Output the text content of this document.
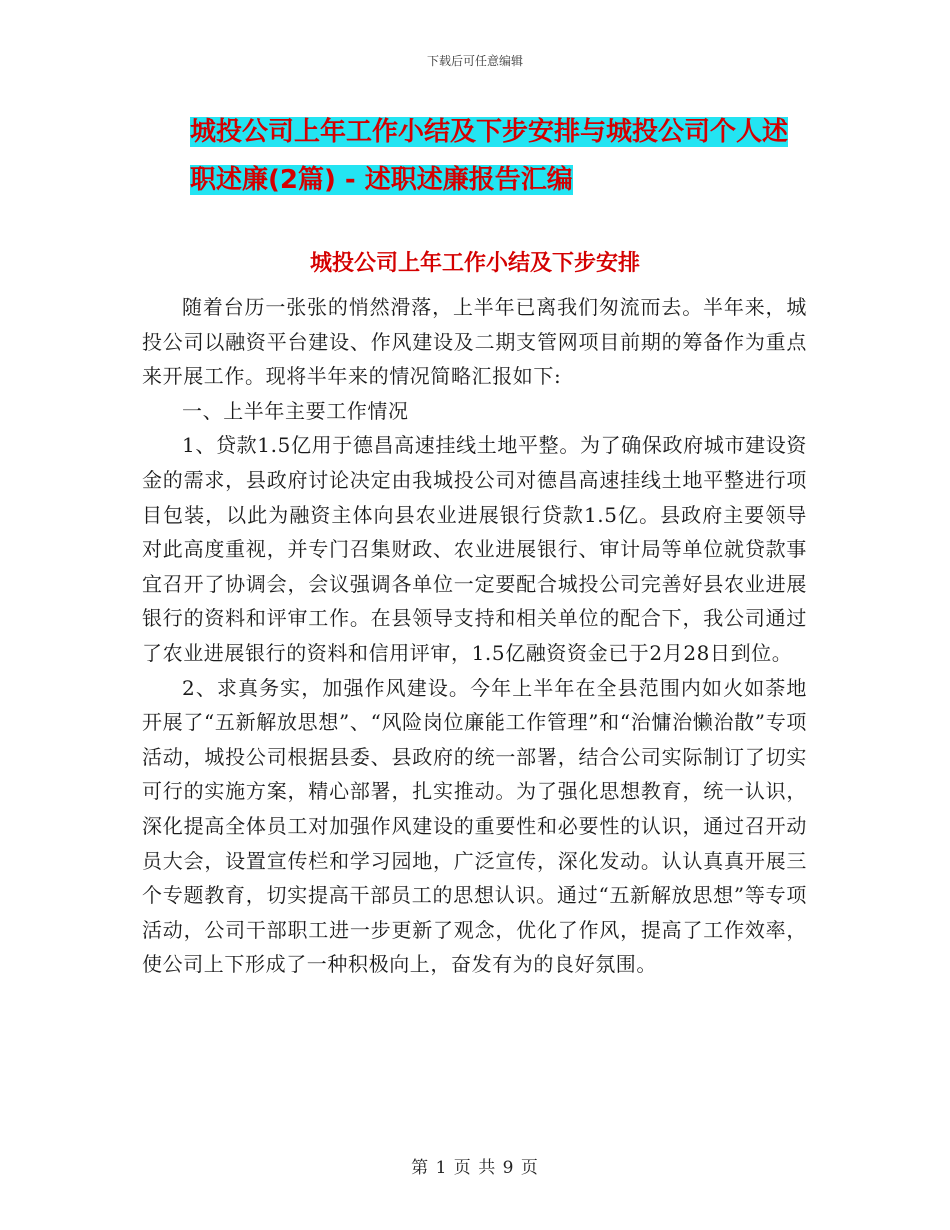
下载后可任意编辑
城投公司上年工作小结及下步安排与城投公司个人述
职述廉(2篇) - 述职述廉报告汇编
城投公司上年工作小结及下步安排

随着台历一张张的悄然滑落，上半年已离我们匆流而去。半年来，城投公司以融资平台建设、作风建设及二期支管网项目前期的筹备作为重点来开展工作。现将半年来的情况简略汇报如下:

一、上半年主要工作情况

1、贷款1.5亿用于德昌高速挂线土地平整。为了确保政府城市建设资金的需求，县政府讨论决定由我城投公司对德昌高速挂线土地平整进行项目包装，以此为融资主体向县农业进展银行贷款1.5亿。县政府主要领导对此高度重视，并专门召集财政、农业进展银行、审计局等单位就贷款事宜召开了协调会，会议强调各单位一定要配合城投公司完善好县农业进展银行的资料和评审工作。在县领导支持和相关单位的配合下，我公司通过了农业进展银行的资料和信用评审，1.5亿融资资金已于2月28日到位。

2、求真务实，加强作风建设。今年上半年在全县范围内如火如荼地开展了“五新解放思想”、“风险岗位廉能工作管理”和“治慵治懒治散”专项活动，城投公司根据县委、县政府的统一部署，结合公司实际制订了切实可行的实施方案，精心部署，扎实推动。为了强化思想教育，统一认识，深化提高全体员工对加强作风建设的重要性和必要性的认识，通过召开动员大会，设置宣传栏和学习园地，广泛宣传，深化发动。认认真真开展三个专题教育，切实提高干部员工的思想认识。通过“五新解放思想”等专项活动，公司干部职工进一步更新了观念，优化了作风，提高了工作效率，使公司上下形成了一种积极向上，奋发有为的良好氛围。

第 1 页 共 9 页
